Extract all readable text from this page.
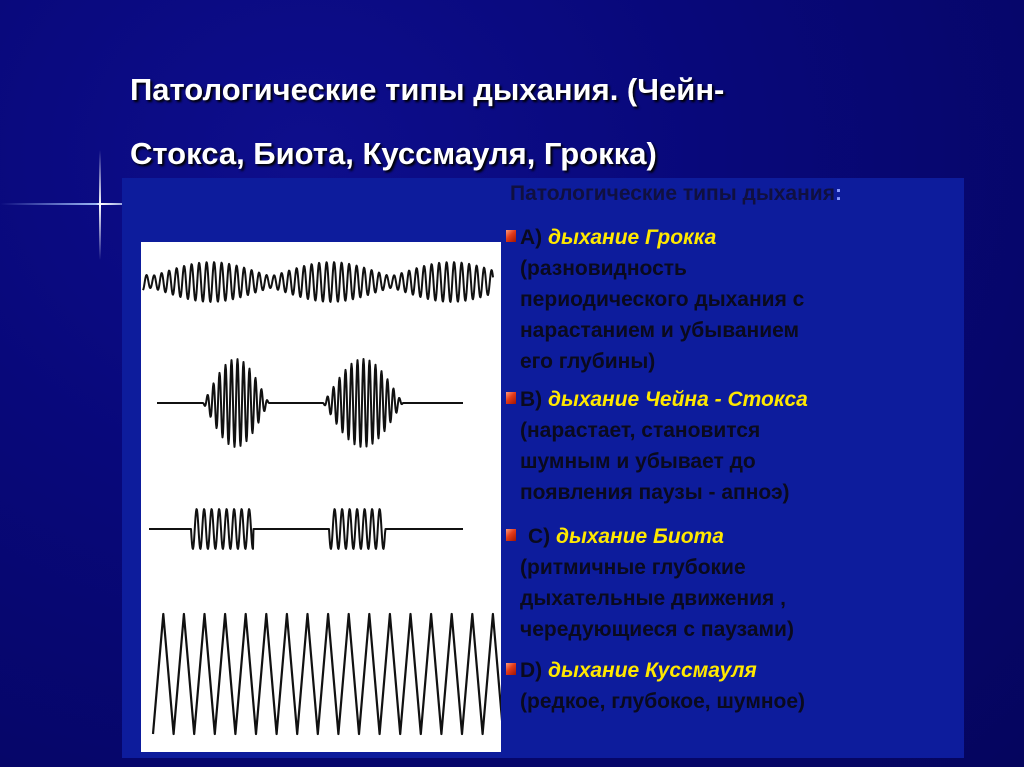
Патологические типы дыхания. (Чейн-
Стокса, Биота, Куссмауля, Грокка)
Патологические типы дыхания:
A) дыхание Грокка
(разновидность
периодического дыхания с
нарастанием и убыванием
его глубины)
B) дыхание Чейна - Стокса
(нарастает, становится
шумным и убывает до
появления паузы - апноэ)
C) дыхание Биота
(ритмичные глубокие
дыхательные движения ,
чередующиеся с паузами)
D) дыхание Куссмауля
(редкое, глубокое, шумное)
